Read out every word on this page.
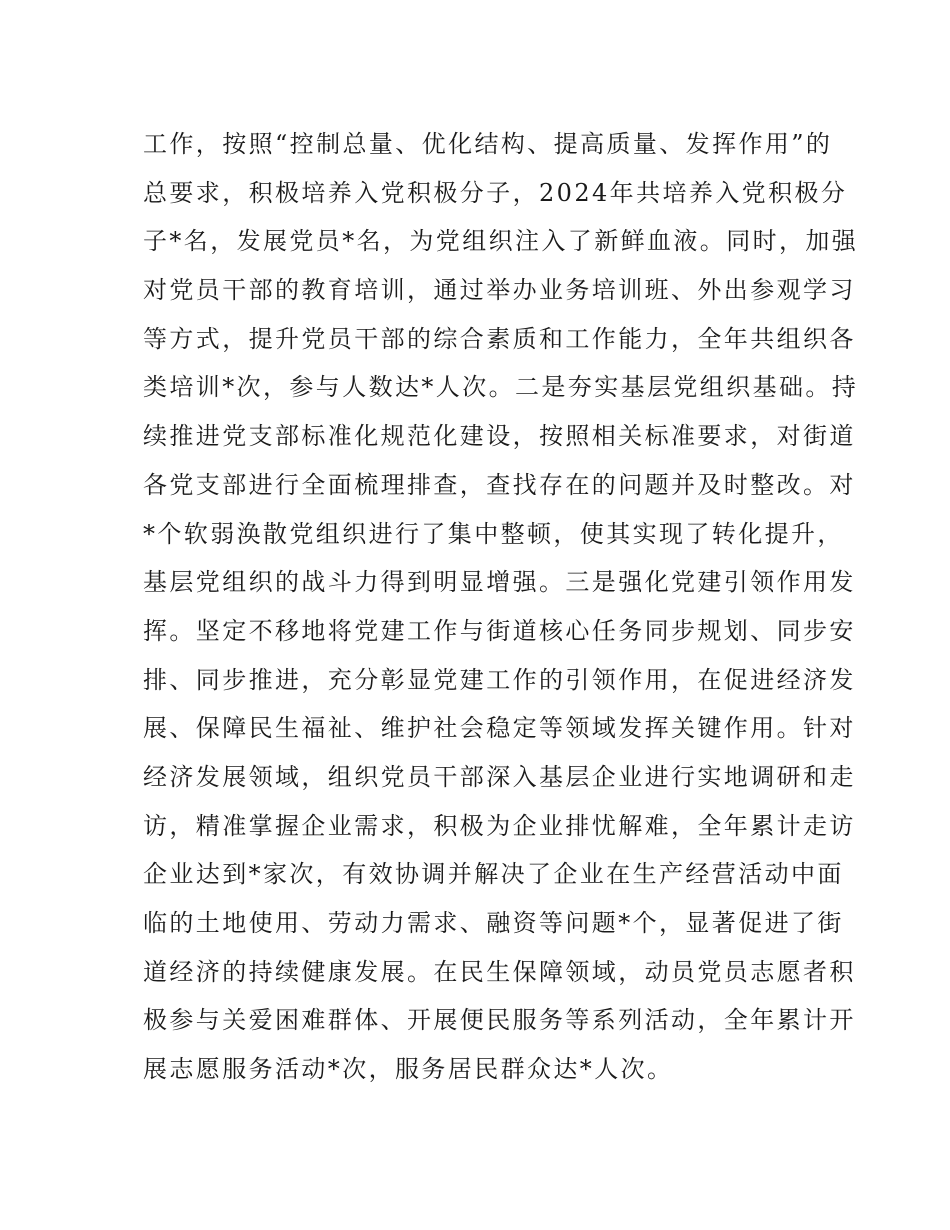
工作，按照“控制总量、优化结构、提高质量、发挥作用”的
总要求，积极培养入党积极分子，2024年共培养入党积极分
子*名，发展党员*名，为党组织注入了新鲜血液。同时，加强
对党员干部的教育培训，通过举办业务培训班、外出参观学习
等方式，提升党员干部的综合素质和工作能力，全年共组织各
类培训*次，参与人数达*人次。二是夯实基层党组织基础。持
续推进党支部标准化规范化建设，按照相关标准要求，对街道
各党支部进行全面梳理排查，查找存在的问题并及时整改。对
*个软弱涣散党组织进行了集中整顿，使其实现了转化提升，
基层党组织的战斗力得到明显增强。三是强化党建引领作用发
挥。坚定不移地将党建工作与街道核心任务同步规划、同步安
排、同步推进，充分彰显党建工作的引领作用，在促进经济发
展、保障民生福祉、维护社会稳定等领域发挥关键作用。针对
经济发展领域，组织党员干部深入基层企业进行实地调研和走
访，精准掌握企业需求，积极为企业排忧解难，全年累计走访
企业达到*家次，有效协调并解决了企业在生产经营活动中面
临的土地使用、劳动力需求、融资等问题*个，显著促进了街
道经济的持续健康发展。在民生保障领域，动员党员志愿者积
极参与关爱困难群体、开展便民服务等系列活动，全年累计开
展志愿服务活动*次，服务居民群众达*人次。
